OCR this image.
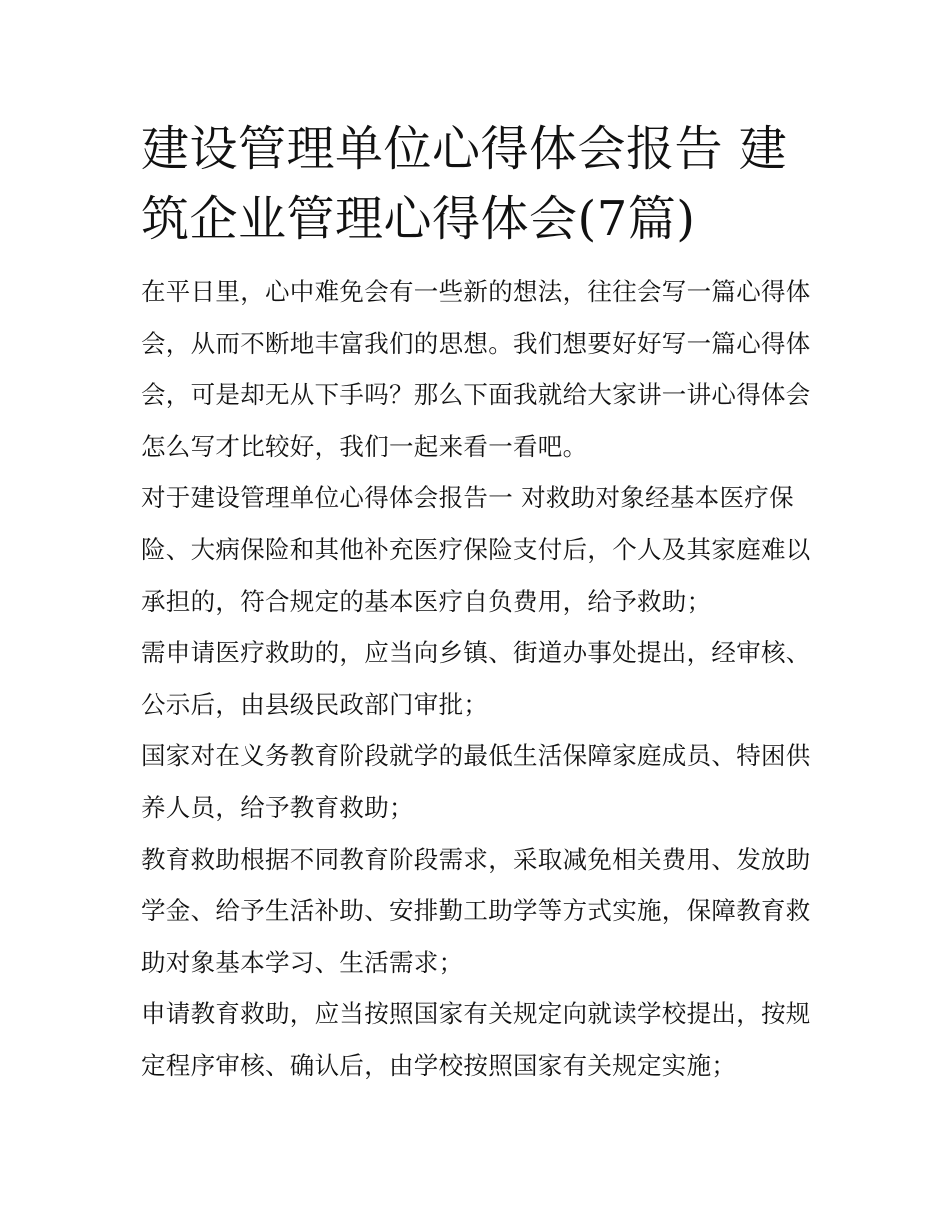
建设管理单位心得体会报告 建筑企业管理心得体会(7篇)

在平日里，心中难免会有一些新的想法，往往会写一篇心得体会，从而不断地丰富我们的思想。我们想要好好写一篇心得体会，可是却无从下手吗？那么下面我就给大家讲一讲心得体会怎么写才比较好，我们一起来看一看吧。

对于建设管理单位心得体会报告一 对救助对象经基本医疗保险、大病保险和其他补充医疗保险支付后，个人及其家庭难以承担的，符合规定的基本医疗自负费用，给予救助；

需申请医疗救助的，应当向乡镇、街道办事处提出，经审核、公示后，由县级民政部门审批；

国家对在义务教育阶段就学的最低生活保障家庭成员、特困供养人员，给予教育救助；

教育救助根据不同教育阶段需求，采取减免相关费用、发放助学金、给予生活补助、安排勤工助学等方式实施，保障教育救助对象基本学习、生活需求；

申请教育救助，应当按照国家有关规定向就读学校提出，按规定程序审核、确认后，由学校按照国家有关规定实施；
